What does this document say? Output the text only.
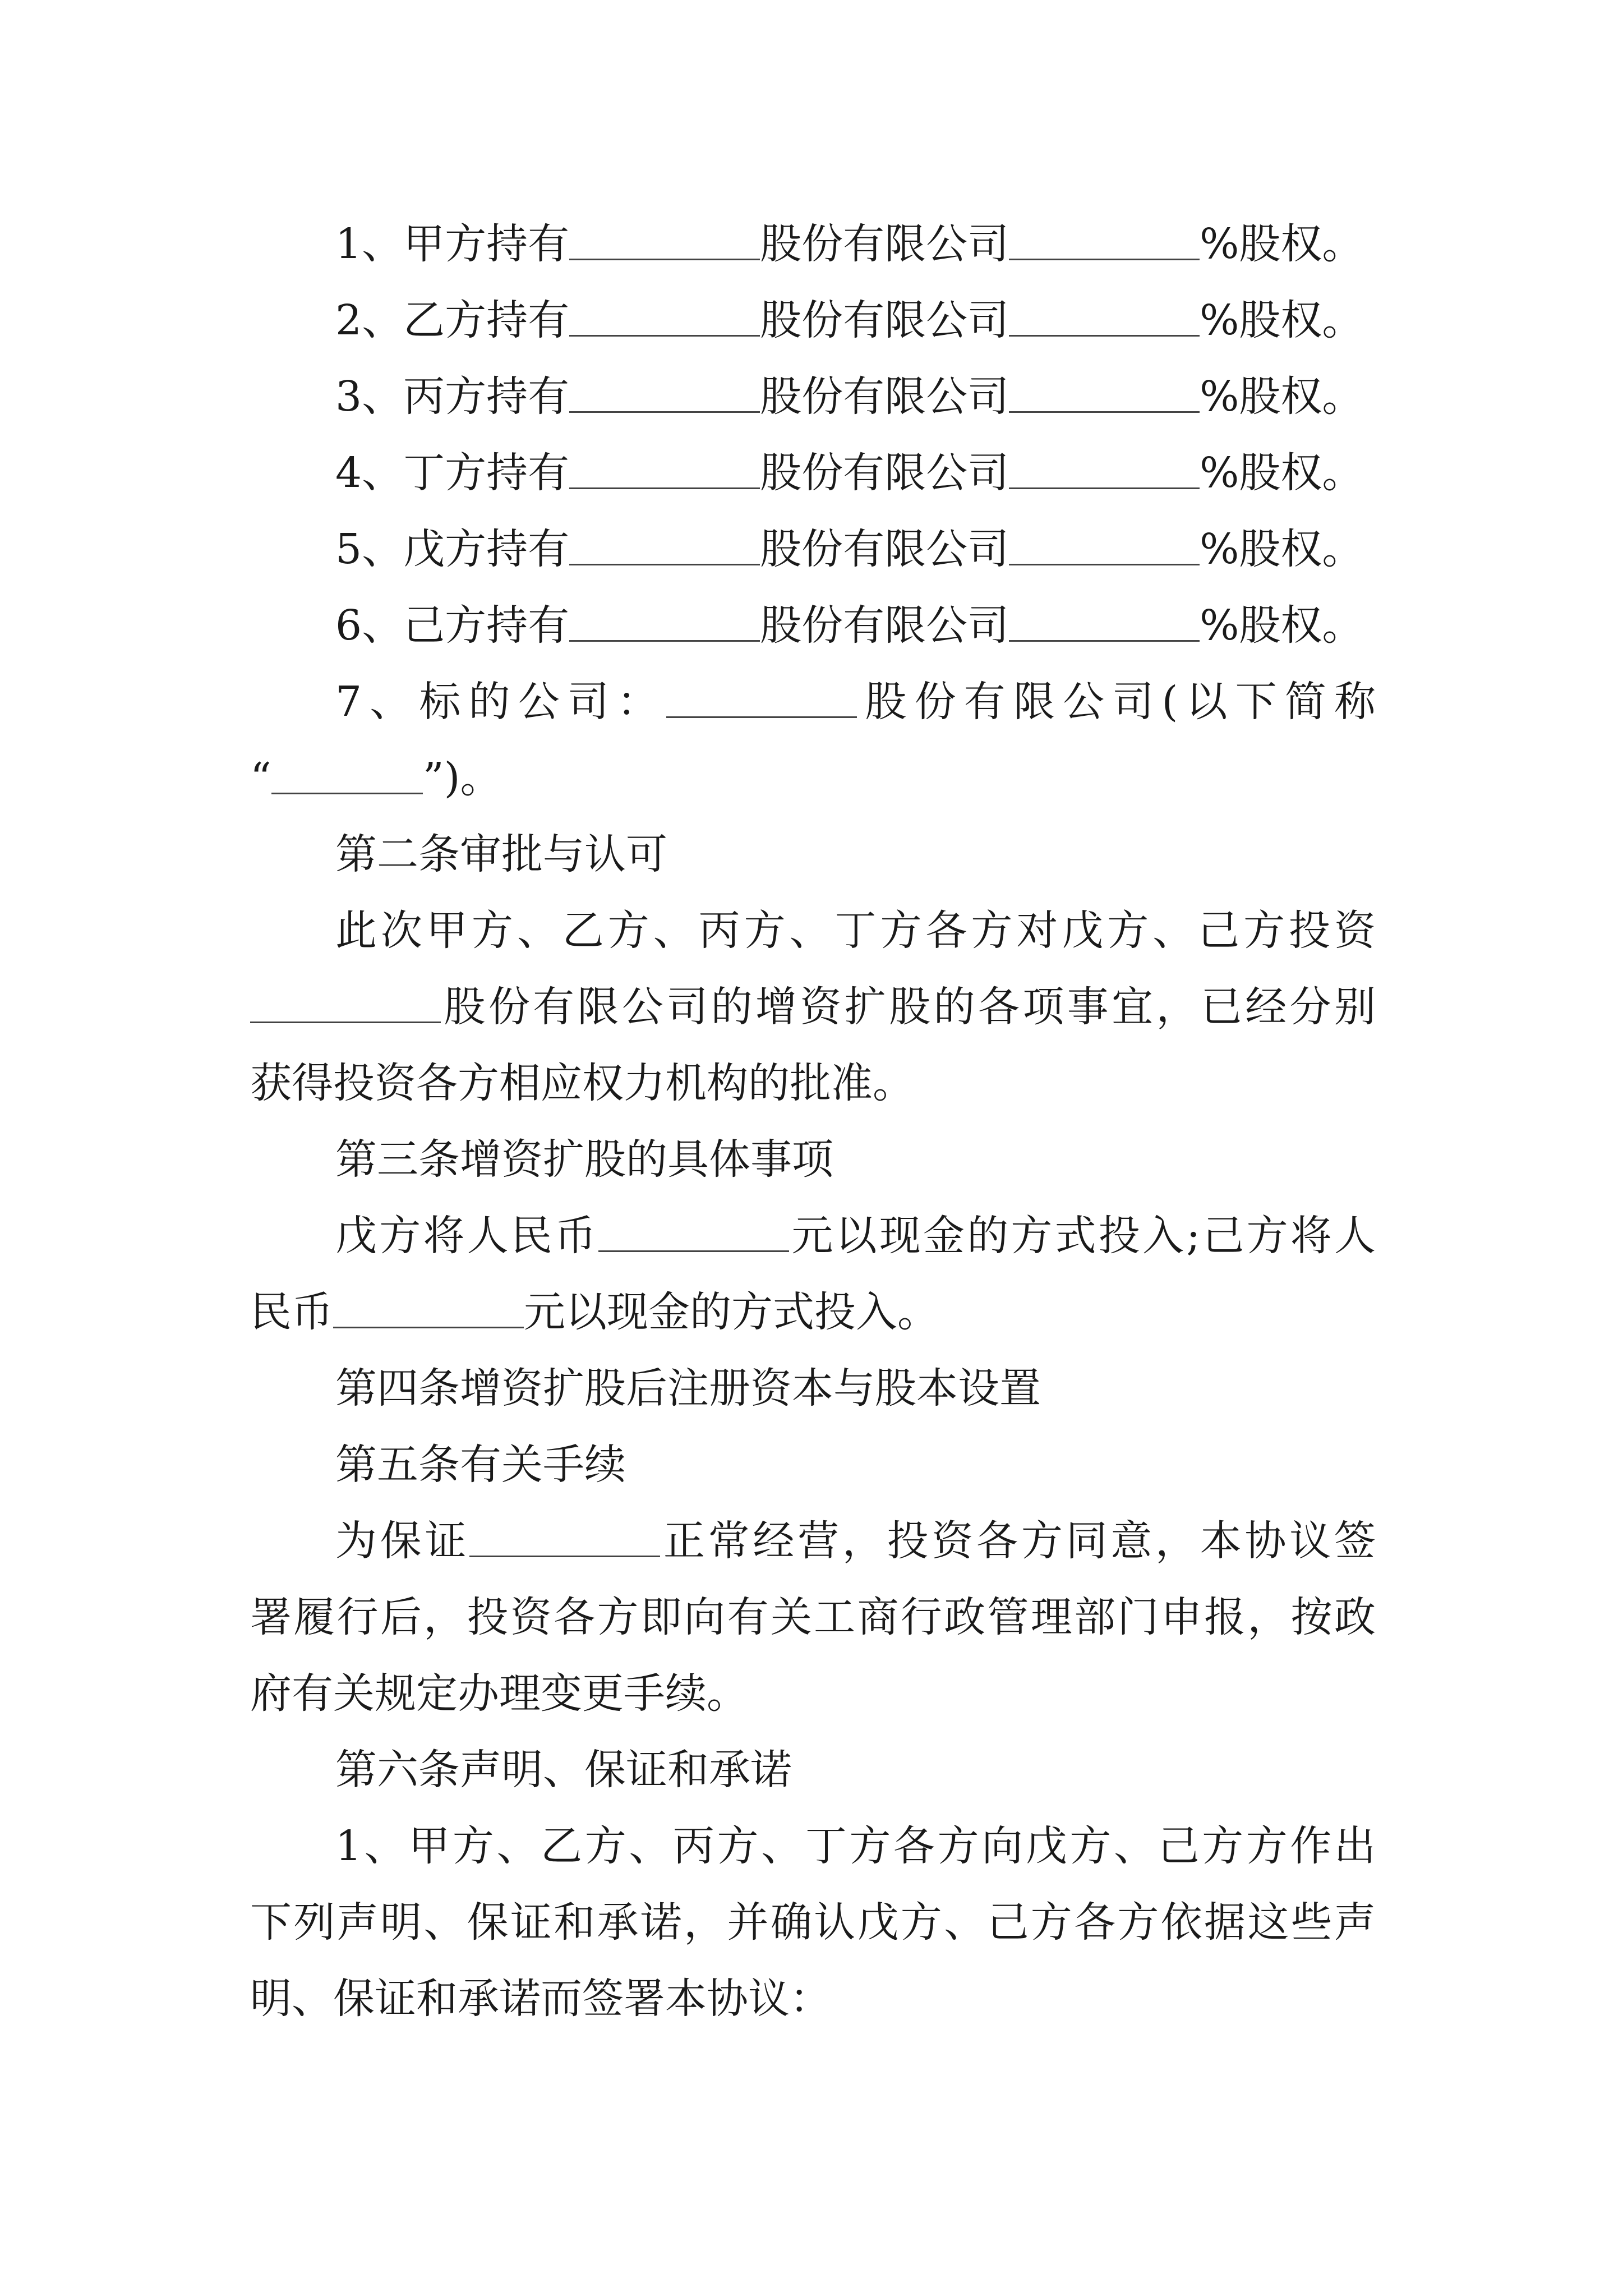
1、甲方持有	股份有限公司	%股权。
2、乙方持有	股份有限公司	%股权。
3、丙方持有	股份有限公司	%股权。
4、丁方持有	股份有限公司	%股权。
5、戊方持有	股份有限公司	%股权。
6、己方持有	股份有限公司	%股权。
7、标的公司：	股份有限公司(以下简称
“	”)。
第二条审批与认可
此次甲方、乙方、丙方、丁方各方对戊方、己方投资
股份有限公司的增资扩股的各项事宜，已经分别
获得投资各方相应权力机构的批准。
第三条增资扩股的具体事项
戊方将人民币	元以现金的方式投入;己方将人
民币	元以现金的方式投入。
第四条增资扩股后注册资本与股本设置
第五条有关手续
为保证	正常经营，投资各方同意，本协议签
署履行后，投资各方即向有关工商行政管理部门申报，按政
府有关规定办理变更手续。
第六条声明、保证和承诺
1、甲方、乙方、丙方、丁方各方向戊方、己方方作出
下列声明、保证和承诺，并确认戊方、己方各方依据这些声
明、保证和承诺而签署本协议：
